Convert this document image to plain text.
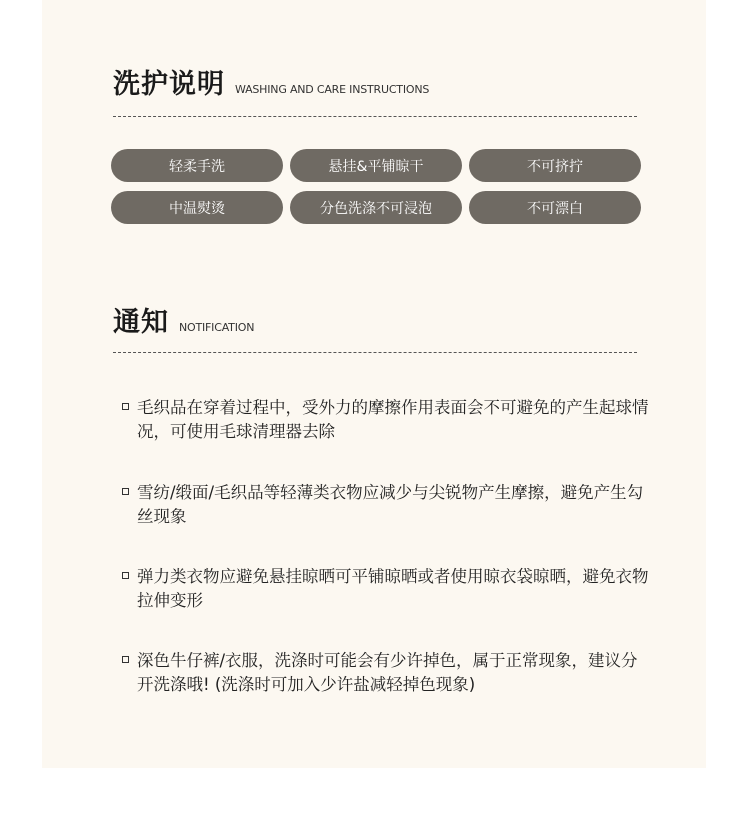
洗护说明 WASHING AND CARE INSTRUCTIONS
轻柔手洗	悬挂&平铺晾干	不可挤拧
中温熨烫	分色洗涤不可浸泡	不可漂白
通知 NOTIFICATION
毛织品在穿着过程中，受外力的摩擦作用表面会不可避免的产生起球情况，可使用毛球清理器去除
雪纺/缎面/毛织品等轻薄类衣物应减少与尖锐物产生摩擦，避免产生勾丝现象
弹力类衣物应避免悬挂晾晒可平铺晾晒或者使用晾衣袋晾晒，避免衣物拉伸变形
深色牛仔裤/衣服，洗涤时可能会有少许掉色，属于正常现象，建议分开洗涤哦! (洗涤时可加入少许盐减轻掉色现象)
